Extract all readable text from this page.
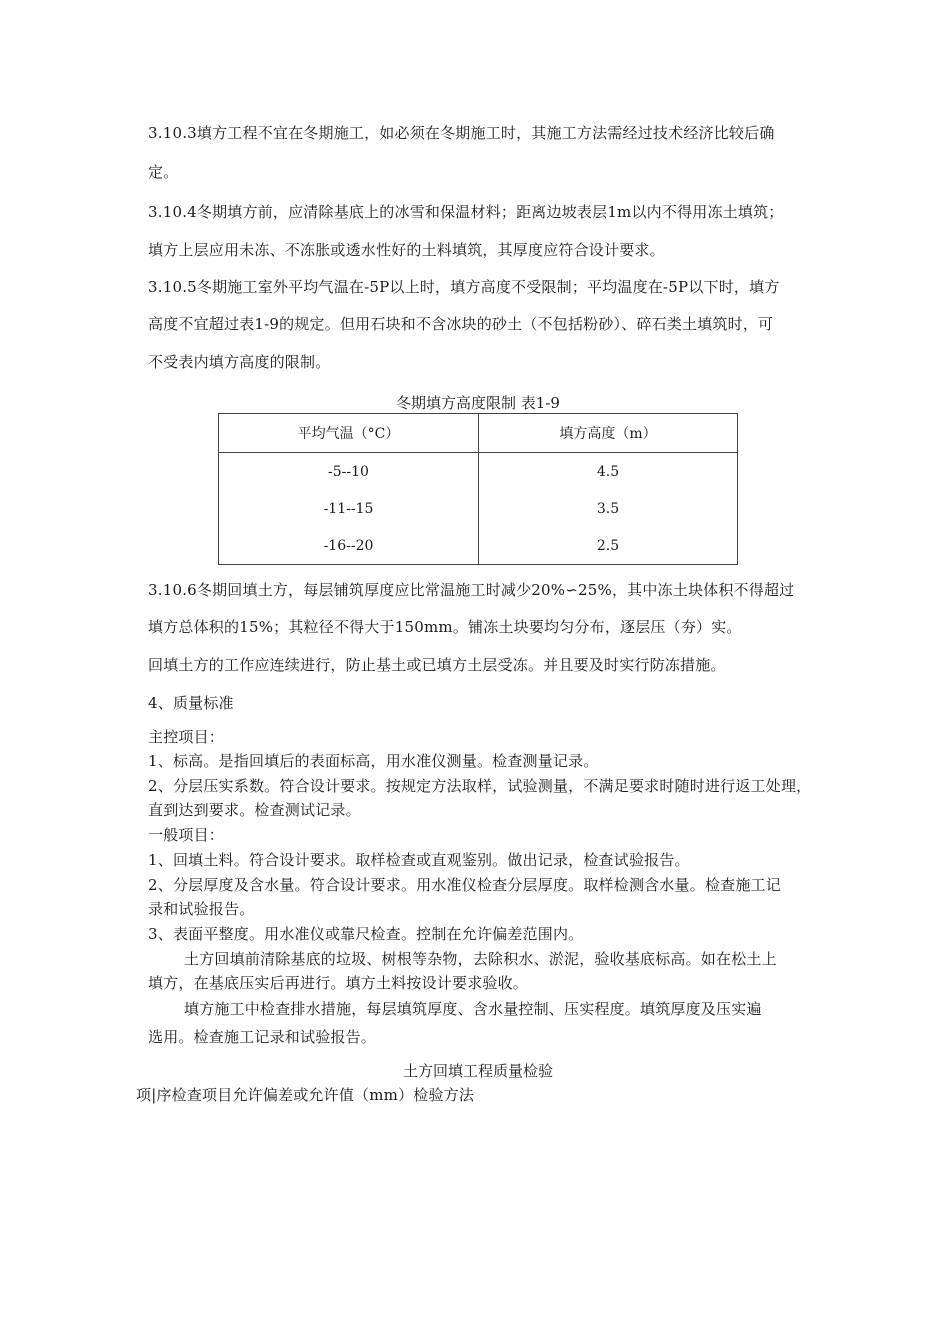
3.10.3填方工程不宜在冬期施工，如必须在冬期施工时，其施工方法需经过技术经济比较后确
定。
3.10.4冬期填方前，应清除基底上的冰雪和保温材料；距离边坡表层1m以内不得用冻土填筑；
填方上层应用未冻、不冻胀或透水性好的土料填筑，其厚度应符合设计要求。
3.10.5冬期施工室外平均气温在-5P以上时，填方高度不受限制；平均温度在-5P以下时，填方
高度不宜超过表1-9的规定。但用石块和不含冰块的砂土（不包括粉砂）、碎石类土填筑时，可
不受表内填方高度的限制。
冬期填方高度限制 表1-9
平均气温（°C）	填方高度（m）
-5--10	4.5
-11--15	3.5
-16--20	2.5
3.10.6冬期回填土方，每层铺筑厚度应比常温施工时减少20%∽25%，其中冻土块体积不得超过
填方总体积的15%；其粒径不得大于150mm。铺冻土块要均匀分布，逐层压（夯）实。
回填土方的工作应连续进行，防止基土或已填方土层受冻。并且要及时实行防冻措施。
4、质量标准
主控项目：
1、标高。是指回填后的表面标高，用水准仪测量。检查测量记录。
2、分层压实系数。符合设计要求。按规定方法取样，试验测量，不满足要求时随时进行返工处理，
直到达到要求。检查测试记录。
一般项目：
1、回填土料。符合设计要求。取样检查或直观鉴别。做出记录，检查试验报告。
2、分层厚度及含水量。符合设计要求。用水准仪检查分层厚度。取样检测含水量。检查施工记
录和试验报告。
3、表面平整度。用水准仪或靠尺检查。控制在允许偏差范围内。
土方回填前清除基底的垃圾、树根等杂物，去除积水、淤泥，验收基底标高。如在松土上
填方，在基底压实后再进行。填方土料按设计要求验收。
填方施工中检查排水措施，每层填筑厚度、含水量控制、压实程度。填筑厚度及压实遍
选用。检查施工记录和试验报告。
土方回填工程质量检验
项|序检查项目允许偏差或允许值（mm）检验方法
